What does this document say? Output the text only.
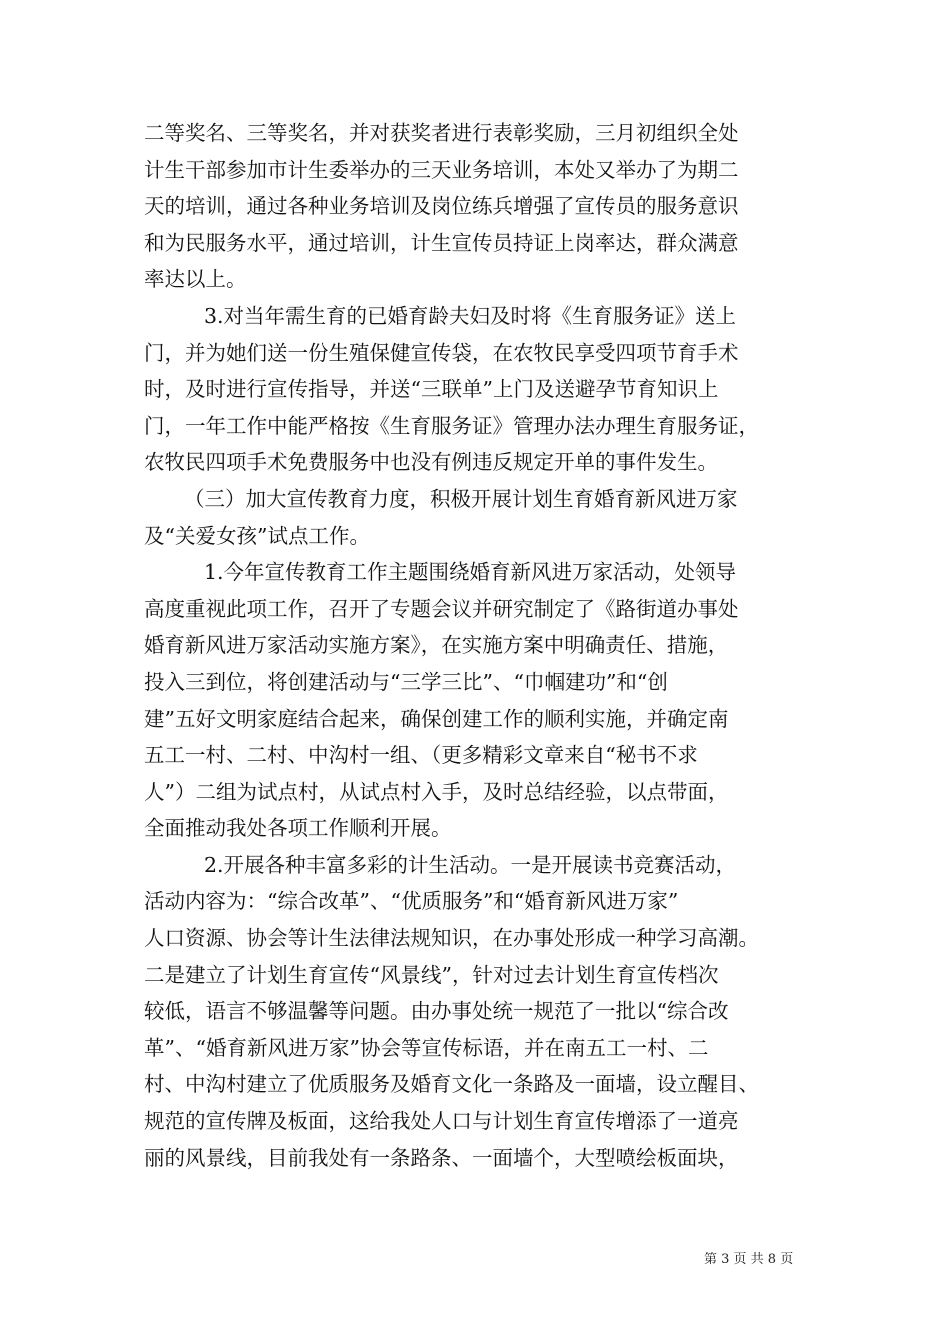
二等奖名、三等奖名，并对获奖者进行表彰奖励，三月初组织全处
计生干部参加市计生委举办的三天业务培训，本处又举办了为期二
天的培训，通过各种业务培训及岗位练兵增强了宣传员的服务意识
和为民服务水平，通过培训，计生宣传员持证上岗率达，群众满意
率达以上。
3.对当年需生育的已婚育龄夫妇及时将《生育服务证》送上
门，并为她们送一份生殖保健宣传袋，在农牧民享受四项节育手术
时，及时进行宣传指导，并送“三联单”上门及送避孕节育知识上
门，一年工作中能严格按《生育服务证》管理办法办理生育服务证，
农牧民四项手术免费服务中也没有例违反规定开单的事件发生。
（三）加大宣传教育力度，积极开展计划生育婚育新风进万家
及“关爱女孩”试点工作。
1.今年宣传教育工作主题围绕婚育新风进万家活动，处领导
高度重视此项工作，召开了专题会议并研究制定了《路街道办事处
婚育新风进万家活动实施方案》，在实施方案中明确责任、措施，
投入三到位，将创建活动与“三学三比”、“巾帼建功”和“创
建”五好文明家庭结合起来，确保创建工作的顺利实施，并确定南
五工一村、二村、中沟村一组、（更多精彩文章来自“秘书不求
人”）二组为试点村，从试点村入手，及时总结经验，以点带面，
全面推动我处各项工作顺利开展。
2.开展各种丰富多彩的计生活动。一是开展读书竞赛活动，
活动内容为：“综合改革”、“优质服务”和“婚育新风进万家”
人口资源、协会等计生法律法规知识，在办事处形成一种学习高潮。
二是建立了计划生育宣传“风景线”，针对过去计划生育宣传档次
较低，语言不够温馨等问题。由办事处统一规范了一批以“综合改
革”、“婚育新风进万家”协会等宣传标语，并在南五工一村、二
村、中沟村建立了优质服务及婚育文化一条路及一面墙，设立醒目、
规范的宣传牌及板面，这给我处人口与计划生育宣传增添了一道亮
丽的风景线，目前我处有一条路条、一面墙个，大型喷绘板面块，
第 3 页 共 8 页
